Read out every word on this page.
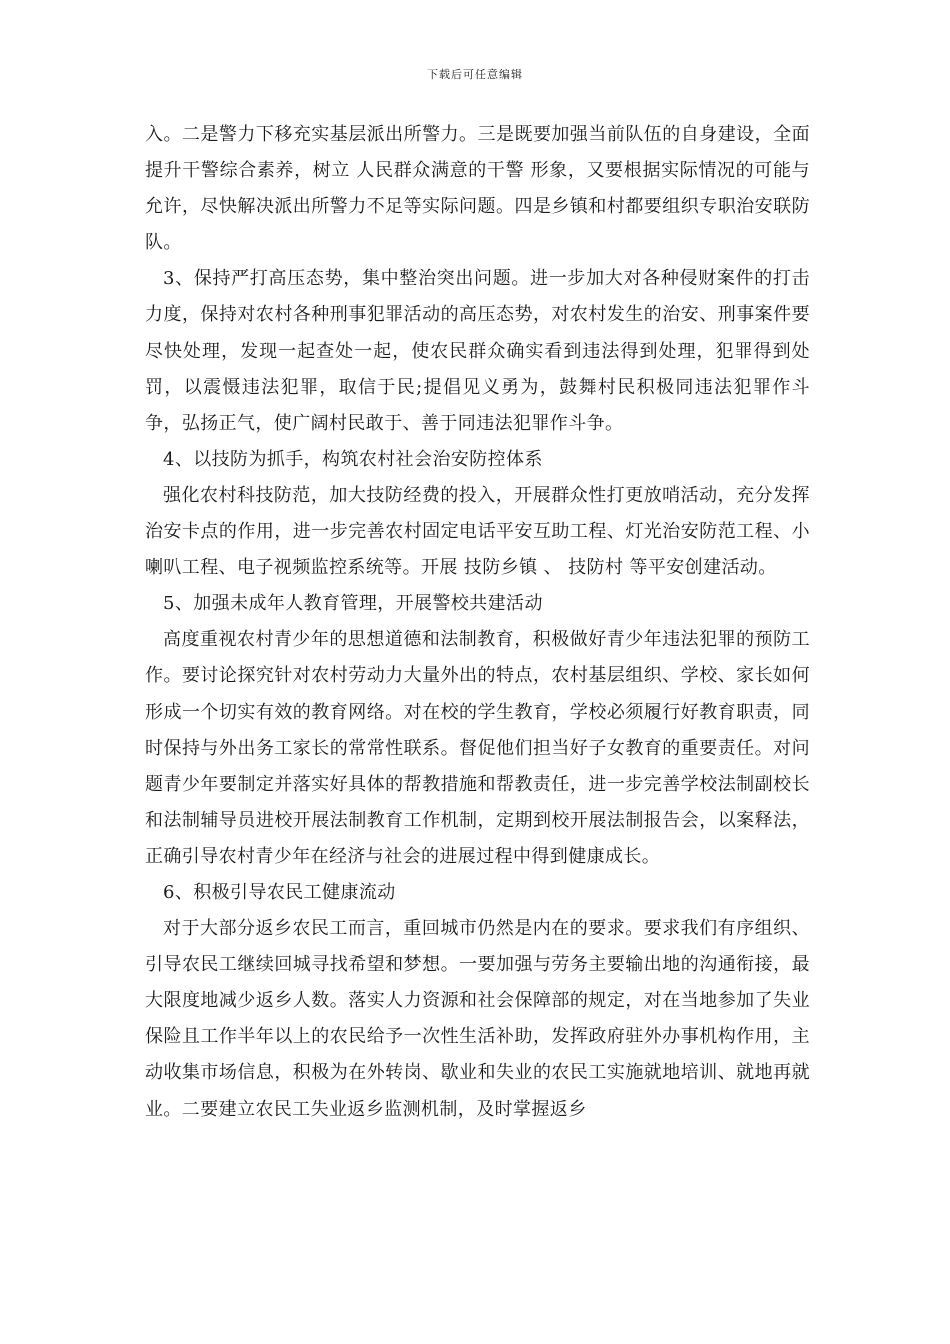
下载后可任意编辑

入。二是警力下移充实基层派出所警力。三是既要加强当前队伍的自身建设，全面提升干警综合素养，树立 人民群众满意的干警 形象，又要根据实际情况的可能与允许，尽快解决派出所警力不足等实际问题。四是乡镇和村都要组织专职治安联防队。

3、保持严打高压态势，集中整治突出问题。进一步加大对各种侵财案件的打击力度，保持对农村各种刑事犯罪活动的高压态势，对农村发生的治安、刑事案件要尽快处理，发现一起查处一起，使农民群众确实看到违法得到处理，犯罪得到处罚，以震慑违法犯罪，取信于民;提倡见义勇为，鼓舞村民积极同违法犯罪作斗争，弘扬正气，使广阔村民敢于、善于同违法犯罪作斗争。

4、以技防为抓手，构筑农村社会治安防控体系

强化农村科技防范，加大技防经费的投入，开展群众性打更放哨活动，充分发挥治安卡点的作用，进一步完善农村固定电话平安互助工程、灯光治安防范工程、小喇叭工程、电子视频监控系统等。开展 技防乡镇 、 技防村 等平安创建活动。

5、加强未成年人教育管理，开展警校共建活动

高度重视农村青少年的思想道德和法制教育，积极做好青少年违法犯罪的预防工作。要讨论探究针对农村劳动力大量外出的特点，农村基层组织、学校、家长如何形成一个切实有效的教育网络。对在校的学生教育，学校必须履行好教育职责，同时保持与外出务工家长的常常性联系。督促他们担当好子女教育的重要责任。对问题青少年要制定并落实好具体的帮教措施和帮教责任，进一步完善学校法制副校长和法制辅导员进校开展法制教育工作机制，定期到校开展法制报告会，以案释法，正确引导农村青少年在经济与社会的进展过程中得到健康成长。

6、积极引导农民工健康流动

对于大部分返乡农民工而言，重回城市仍然是内在的要求。要求我们有序组织、引导农民工继续回城寻找希望和梦想。一要加强与劳务主要输出地的沟通衔接，最大限度地减少返乡人数。落实人力资源和社会保障部的规定，对在当地参加了失业保险且工作半年以上的农民给予一次性生活补助，发挥政府驻外办事机构作用，主动收集市场信息，积极为在外转岗、歇业和失业的农民工实施就地培训、就地再就业。二要建立农民工失业返乡监测机制，及时掌握返乡
